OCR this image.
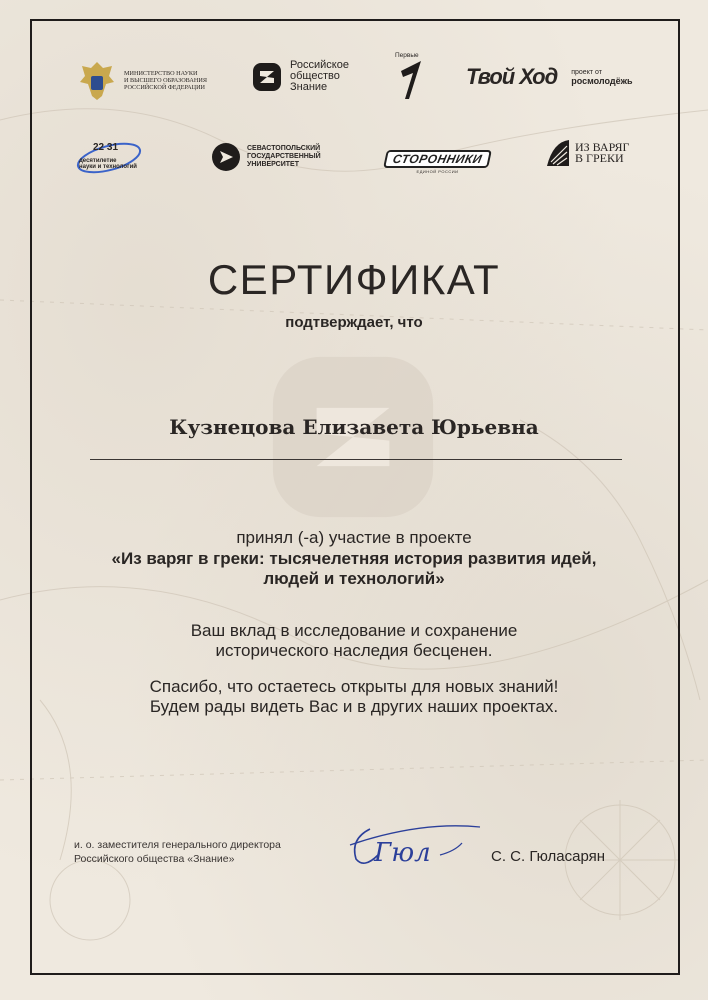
МИНИСТЕРСТВО НАУКИ
И ВЫСШЕГО ОБРАЗОВАНИЯ
РОССИЙСКОЙ ФЕДЕРАЦИИ
Российское
общество
Знание
Первые
Твой Ход проект от
росмолодёжь
22 31
десятилетие
науки и технологий
СЕВАСТОПОЛЬСКИЙ
ГОСУДАРСТВЕННЫЙ
УНИВЕРСИТЕТ	СТОРОННИКИ
ЕДИНОЙ РОССИИ
ИЗ ВАРЯГ
В ГРЕКИ
СЕРТИФИКАТ
подтверждает, что
Кузнецова Елизавета Юрьевна
принял (-а) участие в проекте
«Из варяг в греки: тысячелетняя история развития идей,
людей и технологий»
Ваш вклад в исследование и сохранение
исторического наследия бесценен.
Спасибо, что остаетесь открыты для новых знаний!
Будем рады видеть Вас и в других наших проектах.
и. о. заместителя генерального директора
Российского общества «Знание»	Гюл	С. С. Гюласарян
